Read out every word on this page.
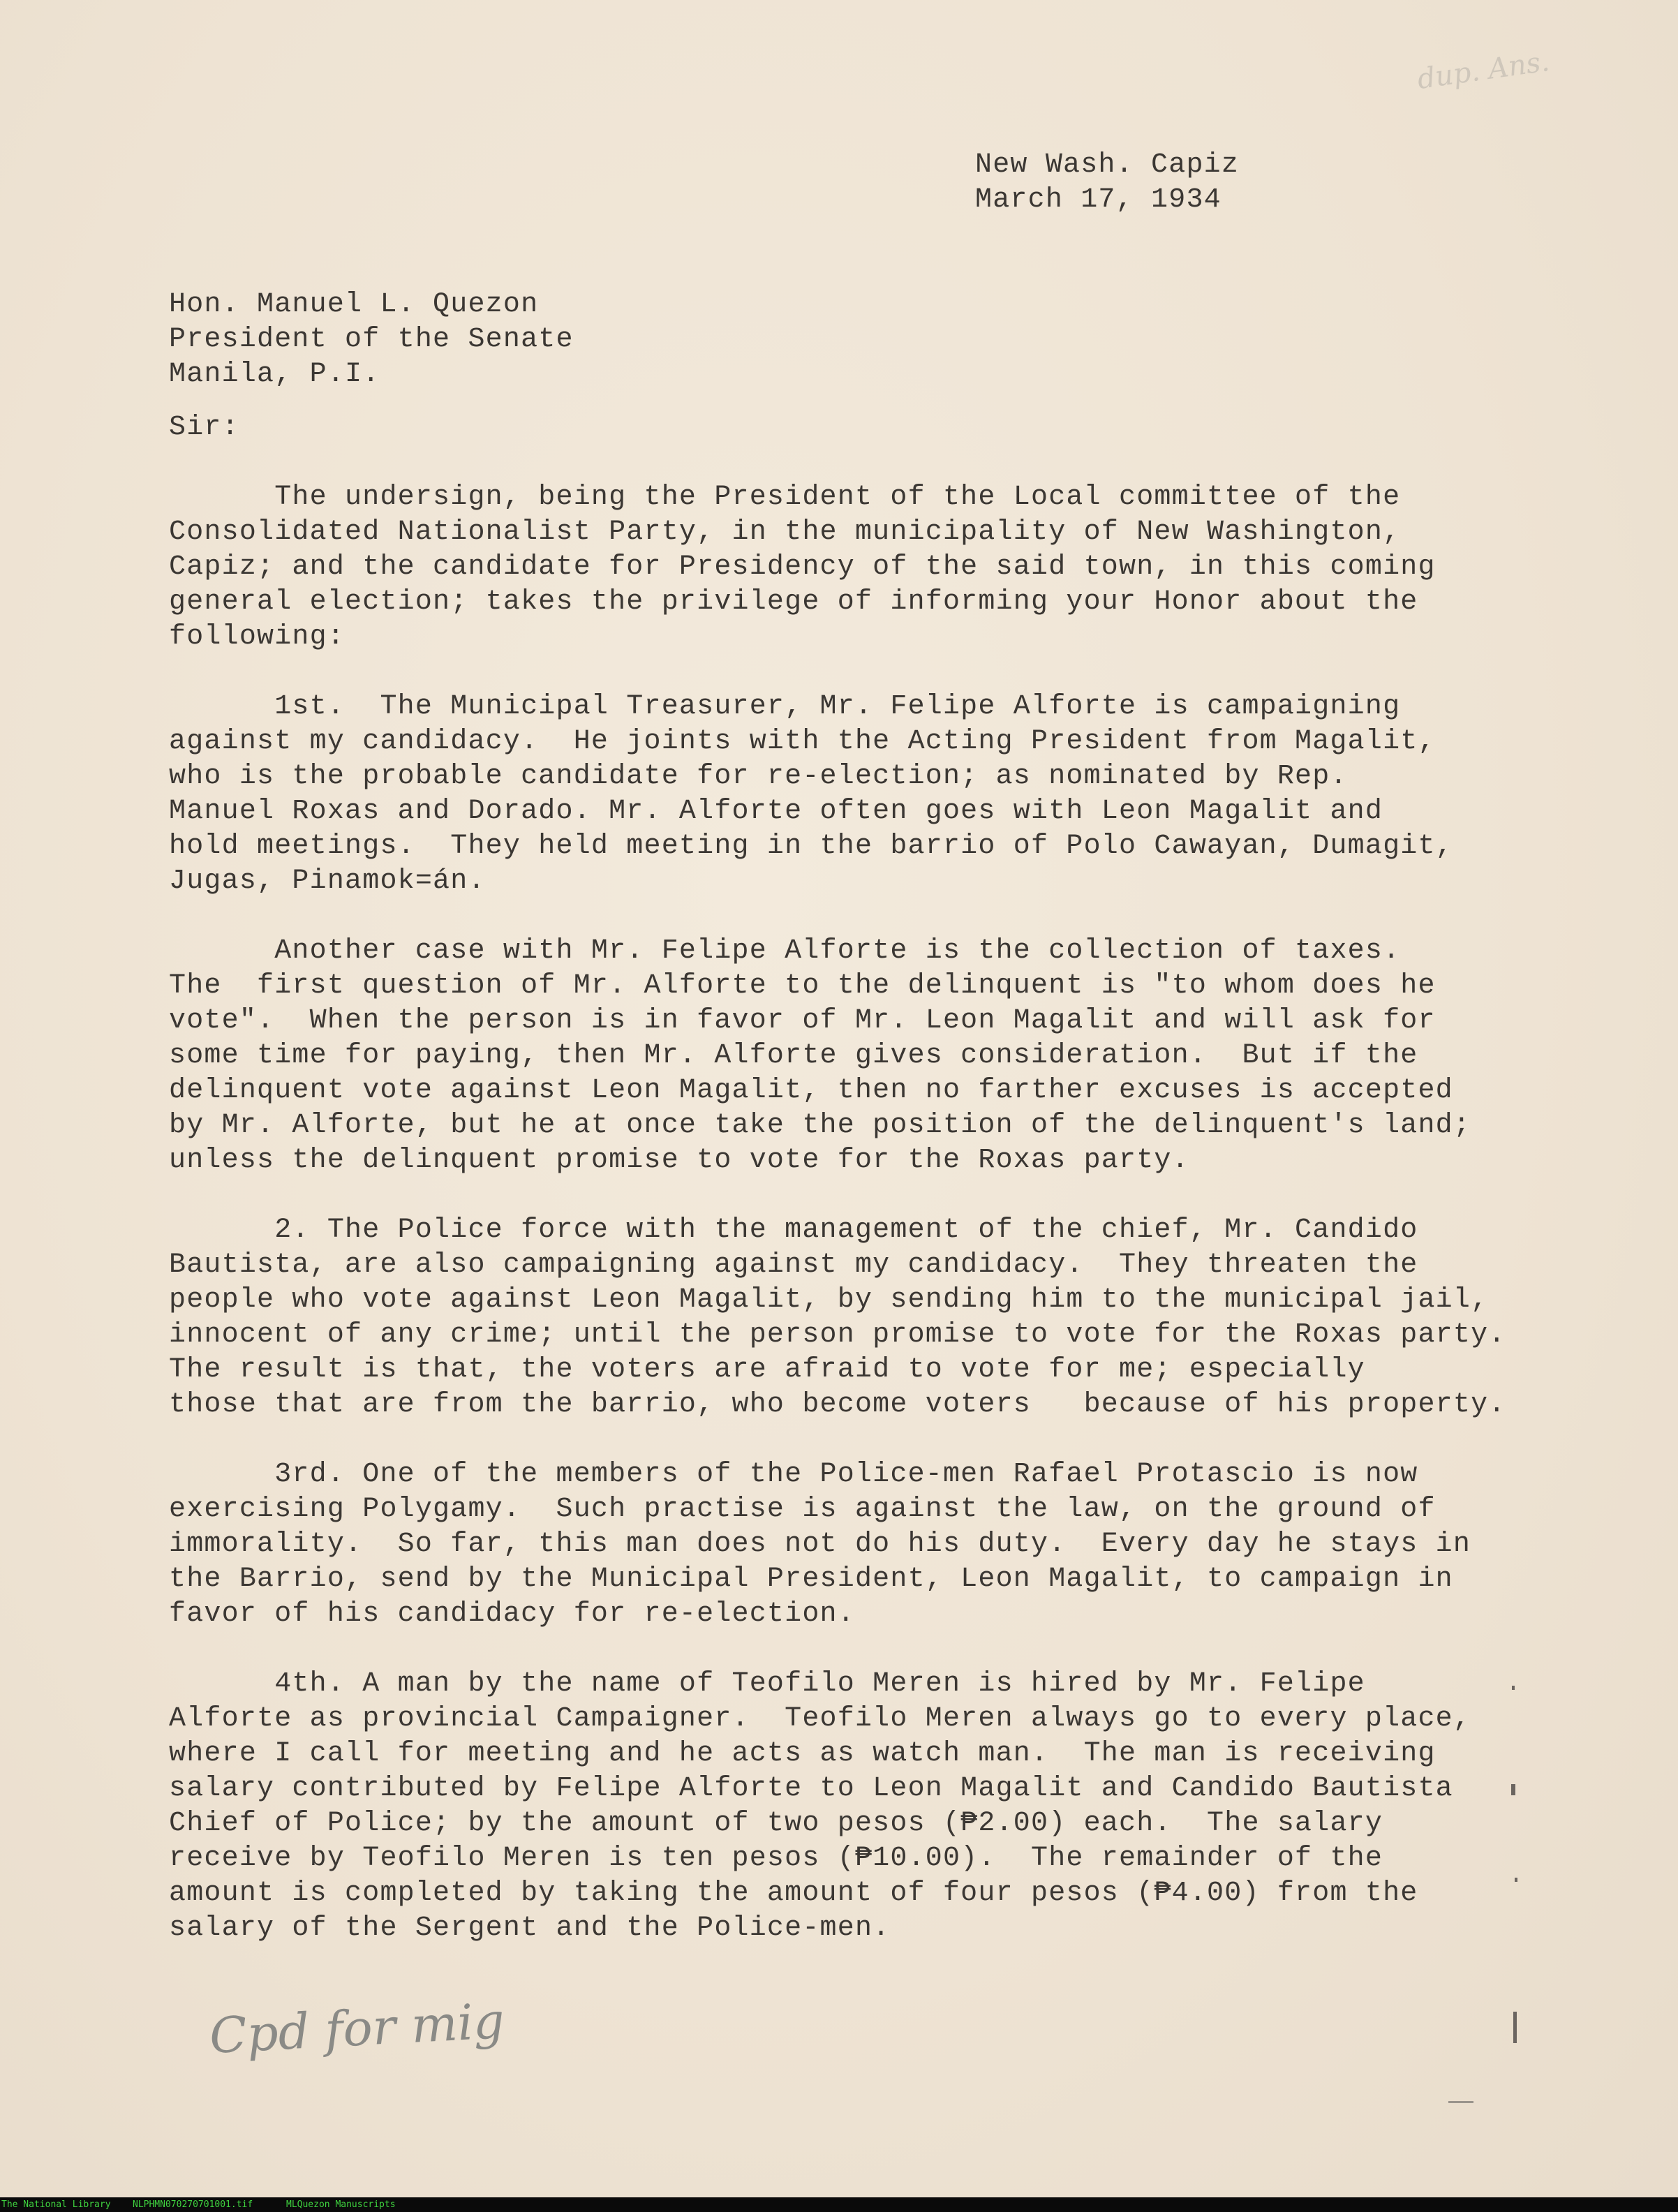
dup. Ans.
New Wash. Capiz
March 17, 1934
Hon. Manuel L. Quezon
President of the Senate
Manila, P.I.
Sir:
The undersign, being the President of the Local committee of the
Consolidated Nationalist Party, in the municipality of New Washington,
Capiz; and the candidate for Presidency of the said town, in this coming
general election; takes the privilege of informing your Honor about the
following:
1st.  The Municipal Treasurer, Mr. Felipe Alforte is campaigning
against my candidacy.  He joints with the Acting President from Magalit,
who is the probable candidate for re-election; as nominated by Rep.
Manuel Roxas and Dorado. Mr. Alforte often goes with Leon Magalit and
hold meetings.  They held meeting in the barrio of Polo Cawayan, Dumagit,
Jugas, Pinamok=án.
Another case with Mr. Felipe Alforte is the collection of taxes.
The  first question of Mr. Alforte to the delinquent is "to whom does he
vote".  When the person is in favor of Mr. Leon Magalit and will ask for
some time for paying, then Mr. Alforte gives consideration.  But if the
delinquent vote against Leon Magalit, then no farther excuses is accepted
by Mr. Alforte, but he at once take the position of the delinquent's land;
unless the delinquent promise to vote for the Roxas party.
2. The Police force with the management of the chief, Mr. Candido
Bautista, are also campaigning against my candidacy.  They threaten the
people who vote against Leon Magalit, by sending him to the municipal jail,
innocent of any crime; until the person promise to vote for the Roxas party.
The result is that, the voters are afraid to vote for me; especially
those that are from the barrio, who become voters   because of his property.
3rd. One of the members of the Police-men Rafael Protascio is now
exercising Polygamy.  Such practise is against the law, on the ground of
immorality.  So far, this man does not do his duty.  Every day he stays in
the Barrio, send by the Municipal President, Leon Magalit, to campaign in
favor of his candidacy for re-election.
4th. A man by the name of Teofilo Meren is hired by Mr. Felipe
Alforte as provincial Campaigner.  Teofilo Meren always go to every place,
where I call for meeting and he acts as watch man.  The man is receiving
salary contributed by Felipe Alforte to Leon Magalit and Candido Bautista
Chief of Police; by the amount of two pesos (₱2.00) each.  The salary
receive by Teofilo Meren is ten pesos (₱10.00).  The remainder of the
amount is completed by taking the amount of four pesos (₱4.00) from the
salary of the Sergent and the Police-men.
Cpd for mig
The National Library NLPHMN070270701001.tif	MLQuezon Manuscripts
